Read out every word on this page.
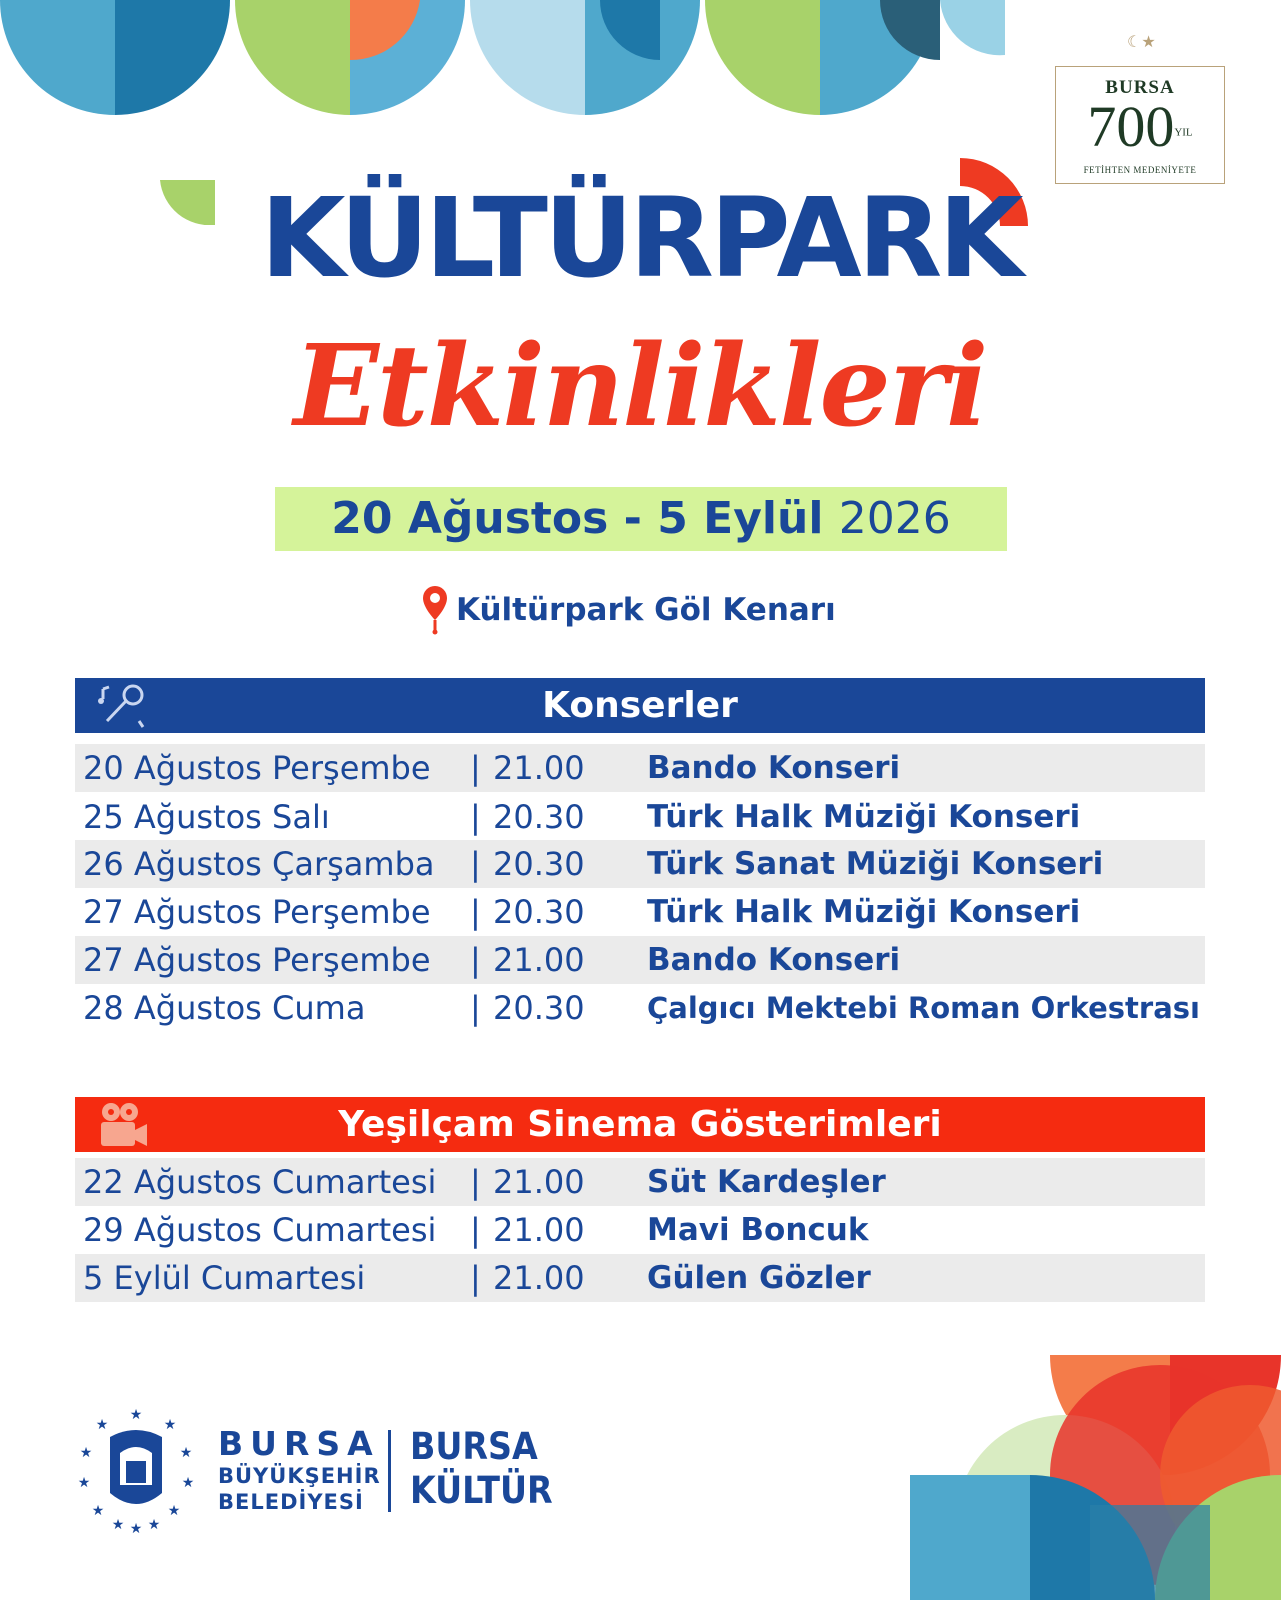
☾★
BURSA
700YIL
FETİHTEN MEDENİYETE
KÜLTÜRPARK
Etkinlikleri
20 Ağustos - 5 Eylül 2026
Kültürpark Göl Kenarı
Konserler
20 Ağustos Perşembe | 21.00 Bando Konseri
25 Ağustos Salı	| 20.30 Türk Halk Müziği Konseri
26 Ağustos Çarşamba | 20.30 Türk Sanat Müziği Konseri
27 Ağustos Perşembe | 20.30 Türk Halk Müziği Konseri
27 Ağustos Perşembe | 21.00 Bando Konseri
28 Ağustos Cuma	| 20.30 Çalgıcı Mektebi Roman Orkestrası
Yeşilçam Sinema Gösterimleri
22 Ağustos Cumartesi | 21.00 Süt Kardeşler
29 Ağustos Cumartesi | 21.00 Mavi Boncuk
5 Eylül Cumartesi	| 21.00 Gülen Gözler
★
★	★
★	★
★	★
★	★
★ ★
★
BURSA
BÜYÜKŞEHİR
BELEDİYESİ
BURSA
KÜLTÜR
